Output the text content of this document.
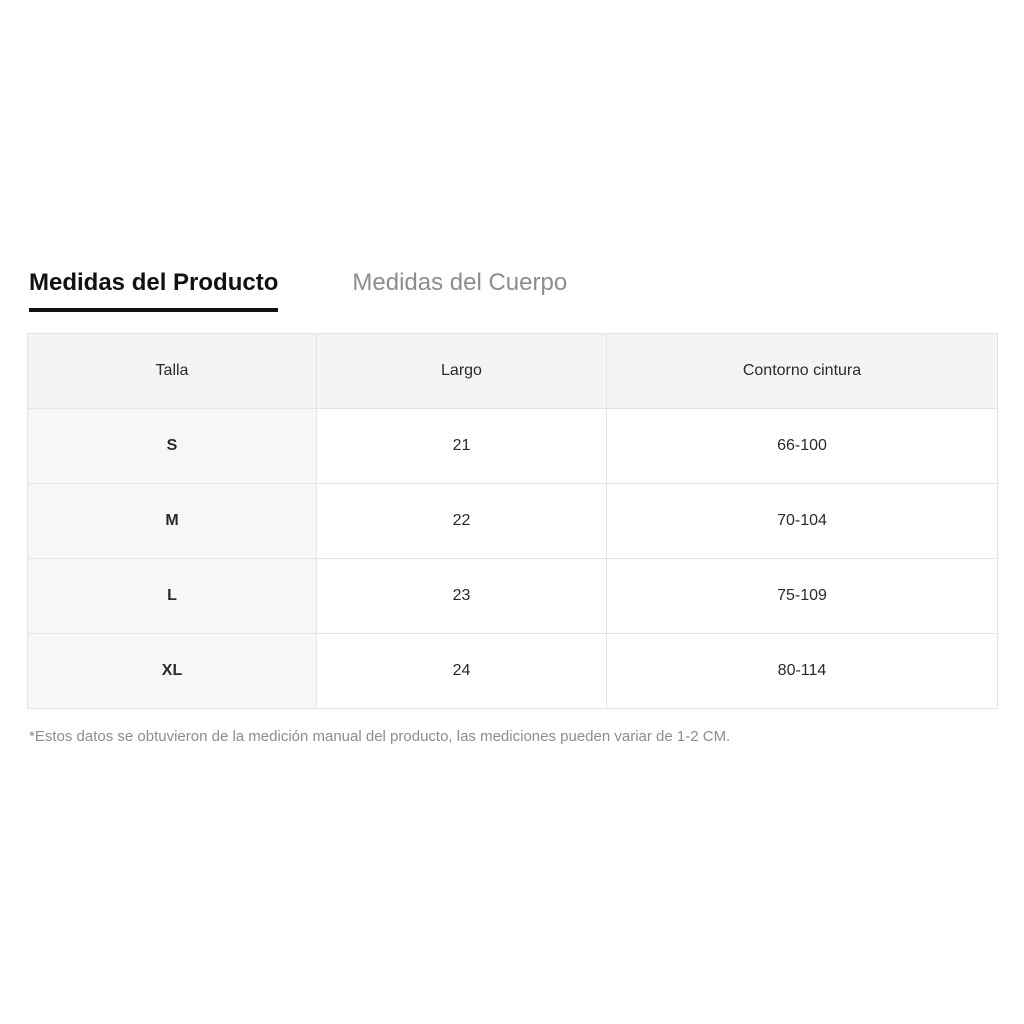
Medidas del Producto	Medidas del Cuerpo
Talla	Largo	Contorno cintura
S	21	66-100
M	22	70-104
L	23	75-109
XL	24	80-114
*Estos datos se obtuvieron de la medición manual del producto, las mediciones pueden variar de 1-2 CM.
